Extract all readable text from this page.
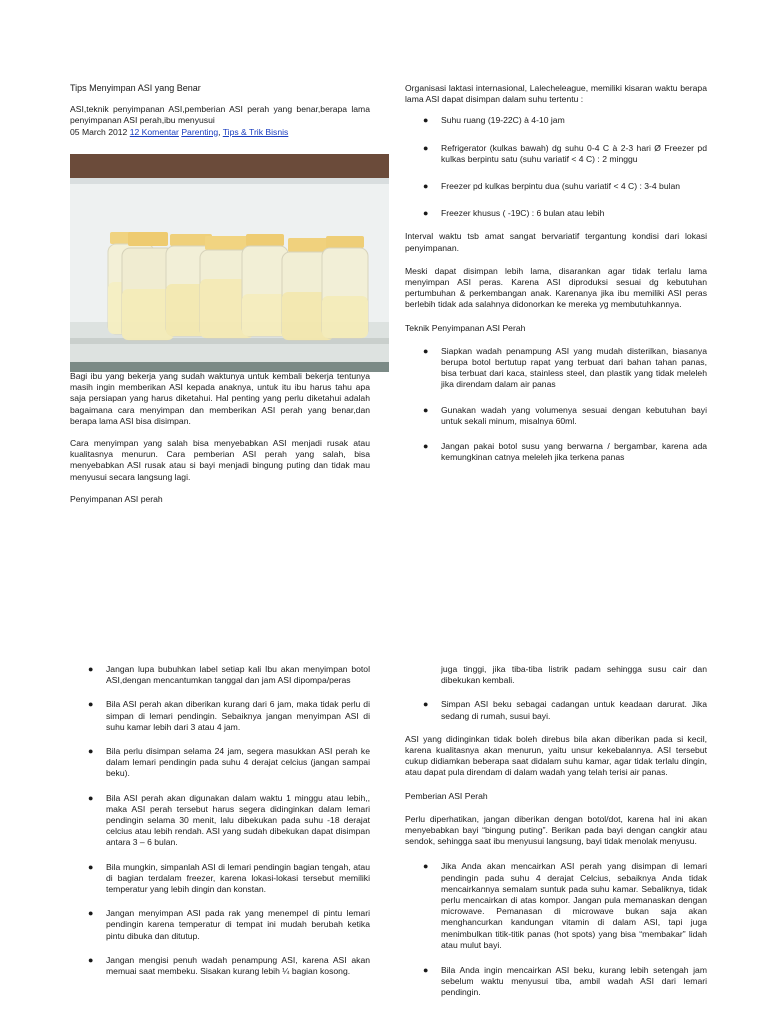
Tips Menyimpan ASI yang Benar

ASI,teknik penyimpanan ASI,pemberian ASI perah yang benar,berapa lama penyimpanan ASI perah,ibu menyusui

05 March 2012 12 Komentar Parenting, Tips & Trik Bisnis

Bagi ibu yang bekerja yang sudah waktunya untuk kembali bekerja tentunya masih ingin memberikan ASI kepada anaknya, untuk itu ibu harus tahu apa saja persiapan yang harus diketahui. Hal penting yang perlu diketahui adalah bagaimana cara menyimpan dan memberikan ASI perah yang benar,dan berapa lama ASI bisa disimpan.

Cara menyimpan yang salah bisa menyebabkan ASI menjadi rusak atau kualitasnya menurun. Cara pemberian ASI perah yang salah, bisa menyebabkan ASI rusak atau si bayi menjadi bingung puting dan tidak mau menyusui secara langsung lagi.

Penyimpanan ASI perah

Organisasi laktasi internasional, Lalecheleague, memiliki kisaran waktu berapa lama ASI dapat disimpan dalam suhu tertentu :

● Suhu ruang (19-22C) à 4-10 jam
● Refrigerator (kulkas bawah) dg suhu 0-4 C à 2-3 hari Ø Freezer pd kulkas berpintu satu (suhu variatif < 4 C) : 2 minggu
● Freezer pd kulkas berpintu dua (suhu variatif < 4 C) : 3-4 bulan
● Freezer khusus ( -19C) : 6 bulan atau lebih

Interval waktu tsb amat sangat bervariatif tergantung kondisi dari lokasi penyimpanan.

Meski dapat disimpan lebih lama, disarankan agar tidak terlalu lama menyimpan ASI peras. Karena ASI diproduksi sesuai dg kebutuhan pertumbuhan & perkembangan anak. Karenanya jika ibu memiliki ASI peras berlebih tidak ada salahnya didonorkan ke mereka yg membutuhkannya.

Teknik Penyimpanan ASI Perah

● Siapkan wadah penampung ASI yang mudah disterilkan, biasanya berupa botol bertutup rapat yang terbuat dari bahan tahan panas, bisa terbuat dari kaca, stainless steel, dan plastik yang tidak meleleh jika direndam dalam air panas
● Gunakan wadah yang volumenya sesuai dengan kebutuhan bayi untuk sekali minum, misalnya 60ml.
● Jangan pakai botol susu yang berwarna / bergambar, karena ada kemungkinan catnya meleleh jika terkena panas
● Jangan lupa bubuhkan label setiap kali Ibu akan menyimpan botol ASI,dengan mencantumkan tanggal dan jam ASI dipompa/peras
● Bila ASI perah akan diberikan kurang dari 6 jam, maka tidak perlu di simpan di lemari pendingin. Sebaiknya jangan menyimpan ASI di suhu kamar lebih dari 3 atau 4 jam.
● Bila perlu disimpan selama 24 jam, segera masukkan ASI perah ke dalam lemari pendingin pada suhu 4 derajat celcius (jangan sampai beku).
● Bila ASI perah akan digunakan dalam waktu 1 minggu atau lebih,, maka ASI perah tersebut harus segera didinginkan dalam lemari pendingin selama 30 menit, lalu dibekukan pada suhu -18 derajat celcius atau lebih rendah. ASI yang sudah dibekukan dapat disimpan antara 3 – 6 bulan.
● Bila mungkin, simpanlah ASI di lemari pendingin bagian tengah, atau di bagian terdalam freezer, karena lokasi-lokasi tersebut memiliki temperatur yang lebih dingin dan konstan.
● Jangan menyimpan ASI pada rak yang menempel di pintu lemari pendingin karena temperatur di tempat ini mudah berubah ketika pintu dibuka dan ditutup.
● Jangan mengisi penuh wadah penampung ASI, karena ASI akan memuai saat membeku. Sisakan kurang lebih ¼ bagian kosong.

juga tinggi, jika tiba-tiba listrik padam sehingga susu cair dan dibekukan kembali.

● Simpan ASI beku sebagai cadangan untuk keadaan darurat. Jika sedang di rumah, susui bayi.

ASI yang didinginkan tidak boleh direbus bila akan diberikan pada si kecil, karena kualitasnya akan menurun, yaitu unsur kekebalannya. ASI tersebut cukup didiamkan beberapa saat didalam suhu kamar, agar tidak terlalu dingin, atau dapat pula direndam di dalam wadah yang telah terisi air panas.

Pemberian ASI Perah

Perlu diperhatikan, jangan diberikan dengan botol/dot, karena hal ini akan menyebabkan bayi “bingung puting”. Berikan pada bayi dengan cangkir atau sendok, sehingga saat ibu menyusui langsung, bayi tidak menolak menyusu.

● Jika Anda akan mencairkan ASI perah yang disimpan di lemari pendingin pada suhu 4 derajat Celcius, sebaiknya Anda tidak mencairkannya semalam suntuk pada suhu kamar. Sebaliknya, tidak perlu mencairkan di atas kompor. Jangan pula memanaskan dengan microwave. Pemanasan di microwave bukan saja akan menghancurkan kandungan vitamin di dalam ASI, tapi juga menimbulkan titik-titik panas (hot spots) yang bisa “membakar” lidah atau mulut bayi.
● Bila Anda ingin mencairkan ASI beku, kurang lebih setengah jam sebelum waktu menyusui tiba, ambil wadah ASI dari lemari pendingin.
